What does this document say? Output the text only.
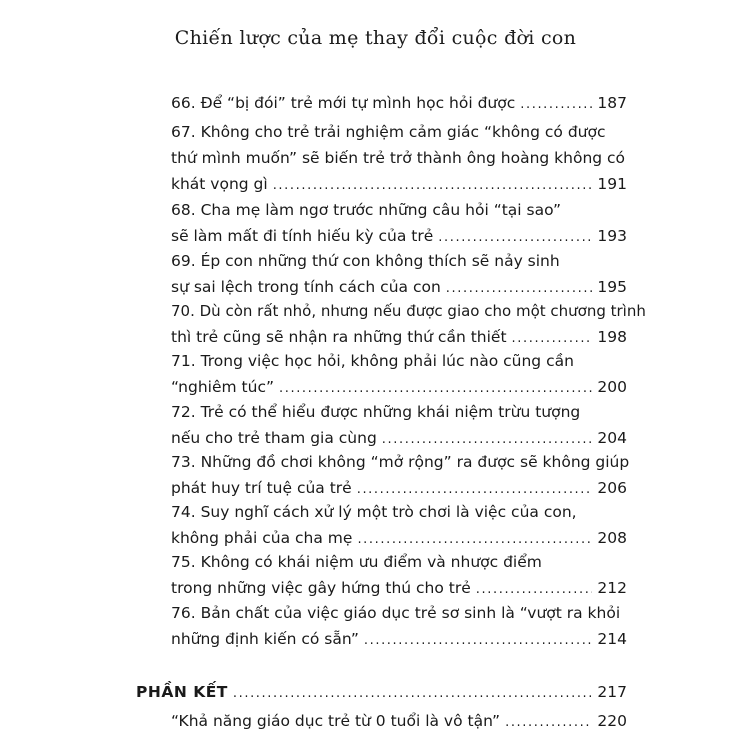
Chiến lược của mẹ thay đổi cuộc đời con
66. Để “bị đói” trẻ mới tự mình học hỏi được .....	187
67. Không cho trẻ trải nghiệm cảm giác “không có được
thứ mình muốn” sẽ biến trẻ trở thành ông hoàng không có
khát vọng gì .....	191
68. Cha mẹ làm ngơ trước những câu hỏi “tại sao”
sẽ làm mất đi tính hiếu kỳ của trẻ .....	193
69. Ép con những thứ con không thích sẽ nảy sinh
sự sai lệch trong tính cách của con .....	195
70. Dù còn rất nhỏ, nhưng nếu được giao cho một chương trình
thì trẻ cũng sẽ nhận ra những thứ cần thiết .....	198
71. Trong việc học hỏi, không phải lúc nào cũng cần
“nghiêm túc” .....	200
72. Trẻ có thể hiểu được những khái niệm trừu tượng
nếu cho trẻ tham gia cùng .....	204
73. Những đồ chơi không “mở rộng” ra được sẽ không giúp
phát huy trí tuệ của trẻ .....	206
74. Suy nghĩ cách xử lý một trò chơi là việc của con,
không phải của cha mẹ .....	208
75. Không có khái niệm ưu điểm và nhược điểm
trong những việc gây hứng thú cho trẻ .....	212
76. Bản chất của việc giáo dục trẻ sơ sinh là “vượt ra khỏi
những định kiến có sẵn” .....	214
PHẦN KẾT .....	217
“Khả năng giáo dục trẻ từ 0 tuổi là vô tận” .....	220
